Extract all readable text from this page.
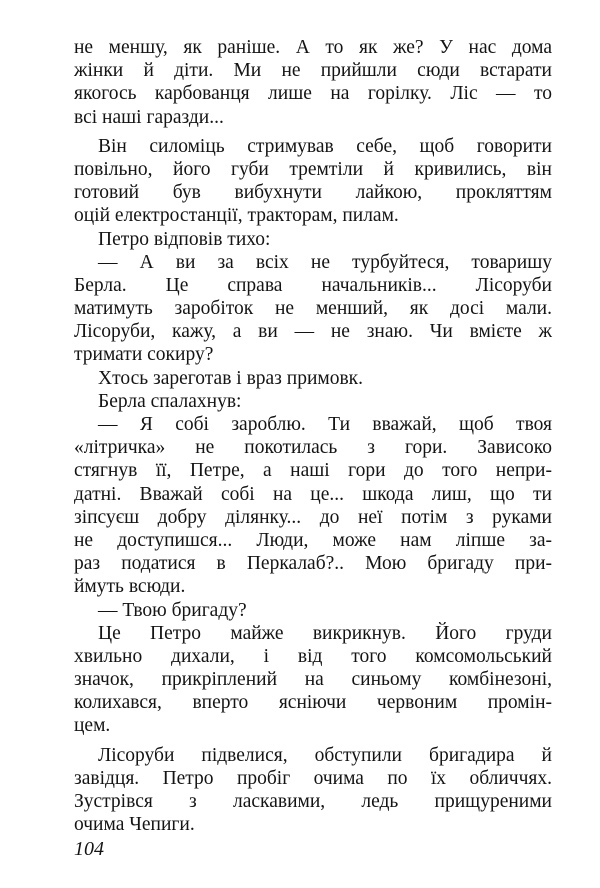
не меншу, як раніше. А то як же? У нас дома
жінки й діти. Ми не прийшли сюди встарати
якогось карбованця лише на горілку. Ліс — то
всі наші гаразди...
Він силоміць стримував себе, щоб говорити
повільно, його губи тремтіли й кривились, він
готовий був вибухнути лайкою, прокляттям
оцій електростанції, тракторам, пилам.
Петро відповів тихо:
— А ви за всіх не турбуйтеся, товаришу
Берла. Це справа начальників... Лісоруби
матимуть заробіток не менший, як досі мали.
Лісоруби, кажу, а ви — не знаю. Чи вмієте ж
тримати сокиру?
Хтось зареготав і враз примовк.
Берла спалахнув:
— Я собі зароблю. Ти вважай, щоб твоя
«літричка» не покотилась з гори. Зависоко
стягнув її, Петре, а наші гори до того непри-
датні. Вважай собі на це... шкода лиш, що ти
зіпсуєш добру ділянку... до неї потім з руками
не доступишся... Люди, може нам ліпше за-
раз податися в Перкалаб?.. Мою бригаду при-
ймуть всюди.
— Твою бригаду?
Це Петро майже викрикнув. Його груди
хвильно дихали, і від того комсомольський
значок, прикріплений на синьому комбінезоні,
колихався, вперто ясніючи червоним промін-
цем.
Лісоруби підвелися, обступили бригадира й
завідця. Петро пробіг очима по їх обличчях.
Зустрівся з ласкавими, ледь прищуреними
очима Чепиги.
104
